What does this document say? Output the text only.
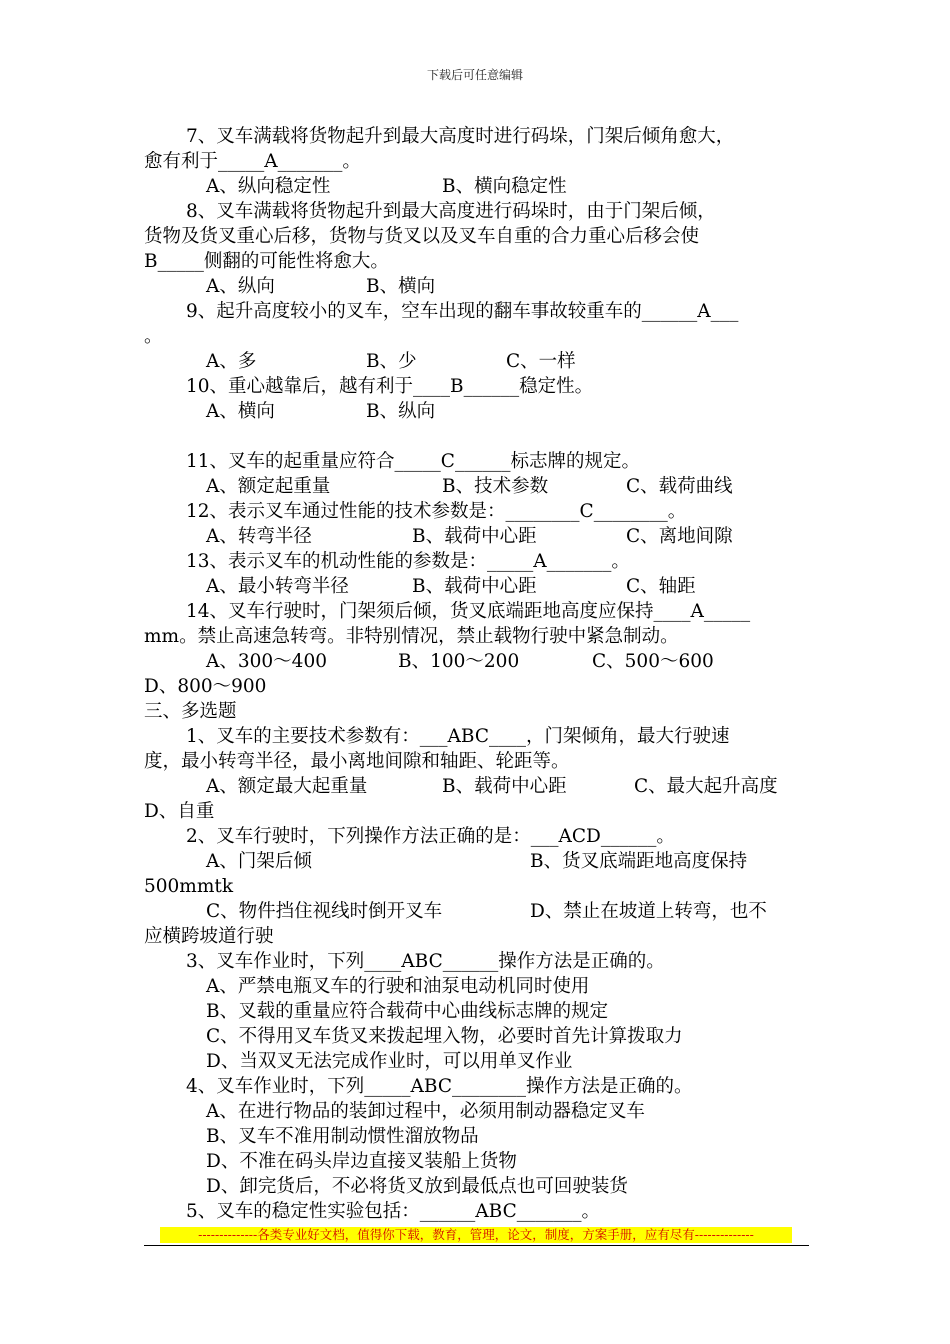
下载后可任意编辑
7、叉车满载将货物起升到最大高度时进行码垛，门架后倾角愈大，
愈有利于_____A_______。
A、纵向稳定性	B、横向稳定性
8、叉车满载将货物起升到最大高度进行码垛时，由于门架后倾，
货物及货叉重心后移，货物与货叉以及叉车自重的合力重心后移会使
B_____侧翻的可能性将愈大。
A、纵向	B、横向
9、起升高度较小的叉车，空车出现的翻车事故较重车的______A___
。
A、多	B、少	C、一样
10、重心越靠后，越有利于____B______稳定性。
A、横向	B、纵向
11、叉车的起重量应符合_____C______标志牌的规定。
A、额定起重量	B、技术参数	C、载荷曲线
12、表示叉车通过性能的技术参数是：________C________。
A、转弯半径	B、载荷中心距	C、离地间隙
13、表示叉车的机动性能的参数是：_____A_______。
A、最小转弯半径	B、载荷中心距	C、轴距
14、叉车行驶时，门架须后倾，货叉底端距地高度应保持____A_____
mm。禁止高速急转弯。非特别情况，禁止载物行驶中紧急制动。
A、300～400	B、100～200	C、500～600
D、800～900
三、多选题
1、叉车的主要技术参数有：___ABC____，门架倾角，最大行驶速
度，最小转弯半径，最小离地间隙和轴距、轮距等。
A、额定最大起重量	B、载荷中心距	C、最大起升高度
D、自重
2、叉车行驶时，下列操作方法正确的是：___ACD______。
A、门架后倾	B、货叉底端距地高度保持
500mmtk
C、物件挡住视线时倒开叉车	D、禁止在坡道上转弯，也不
应横跨坡道行驶
3、叉车作业时，下列____ABC______操作方法是正确的。
A、严禁电瓶叉车的行驶和油泵电动机同时使用
B、叉载的重量应符合载荷中心曲线标志牌的规定
C、不得用叉车货叉来拨起埋入物，必要时首先计算拨取力
D、当双叉无法完成作业时，可以用单叉作业
4、叉车作业时，下列_____ABC________操作方法是正确的。
A、在进行物品的装卸过程中，必须用制动器稳定叉车
B、叉车不准用制动惯性溜放物品
D、不准在码头岸边直接叉装船上货物
D、卸完货后，不必将货叉放到最低点也可回驶装货
5、叉车的稳定性实验包括：______ABC_______。
--------------各类专业好文档，值得你下载，教育，管理，论文，制度，方案手册，应有尽有--------------
